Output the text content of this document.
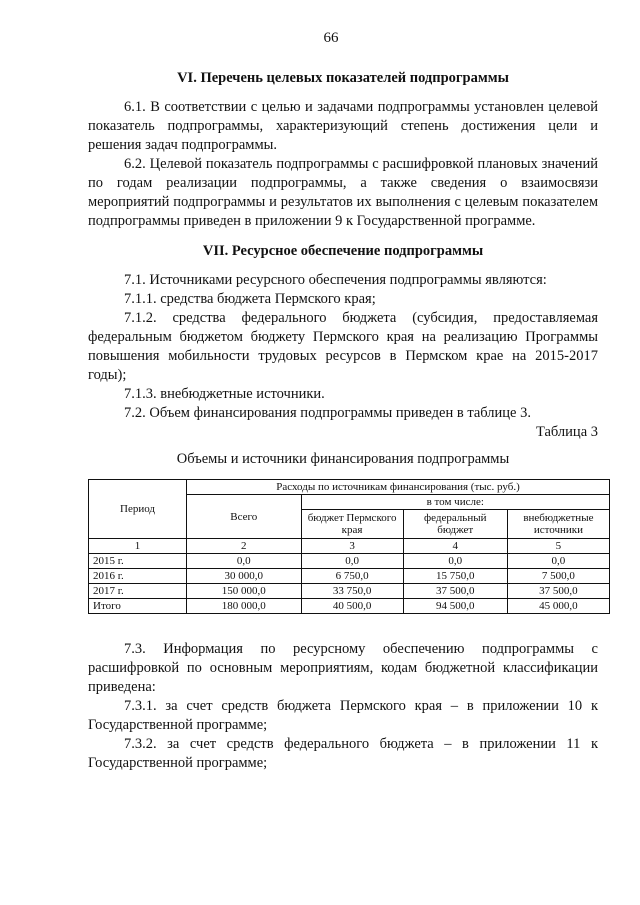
66
VI. Перечень целевых показателей подпрограммы

6.1. В соответствии с целью и задачами подпрограммы установлен целевой показатель подпрограммы, характеризующий степень достижения цели и решения задач подпрограммы.

6.2. Целевой показатель подпрограммы с расшифровкой плановых значений по годам реализации подпрограммы, а также сведения о взаимосвязи мероприятий подпрограммы и результатов их выполнения с целевым показателем подпрограммы приведен в приложении 9 к Государственной программе.

VII. Ресурсное обеспечение подпрограммы

7.1. Источниками ресурсного обеспечения подпрограммы являются:

7.1.1. средства бюджета Пермского края;

7.1.2. средства федерального бюджета (субсидия, предоставляемая федеральным бюджетом бюджету Пермского края на реализацию Программы повышения мобильности трудовых ресурсов в Пермском крае на 2015-2017 годы);

7.1.3. внебюджетные источники.

7.2. Объем финансирования подпрограммы приведен в таблице 3.

Таблица 3
Объемы и источники финансирования подпрограммы
Период	Расходы по источникам финансирования (тыс. руб.)			
	Всего	в том числе:		
		бюджет Пермского края	федеральный бюджет	внебюджетные источники
1	2	3	4	5
2015 г.	0,0	0,0	0,0	0,0
2016 г.	30 000,0	6 750,0	15 750,0	7 500,0
2017 г.	150 000,0	33 750,0	37 500,0	37 500,0
Итого	180 000,0	40 500,0	94 500,0	45 000,0

7.3. Информация по ресурсному обеспечению подпрограммы с расшифровкой по основным мероприятиям, кодам бюджетной классификации приведена:

7.3.1. за счет средств бюджета Пермского края – в приложении 10 к Государственной программе;

7.3.2. за счет средств федерального бюджета – в приложении 11 к Государственной программе;
